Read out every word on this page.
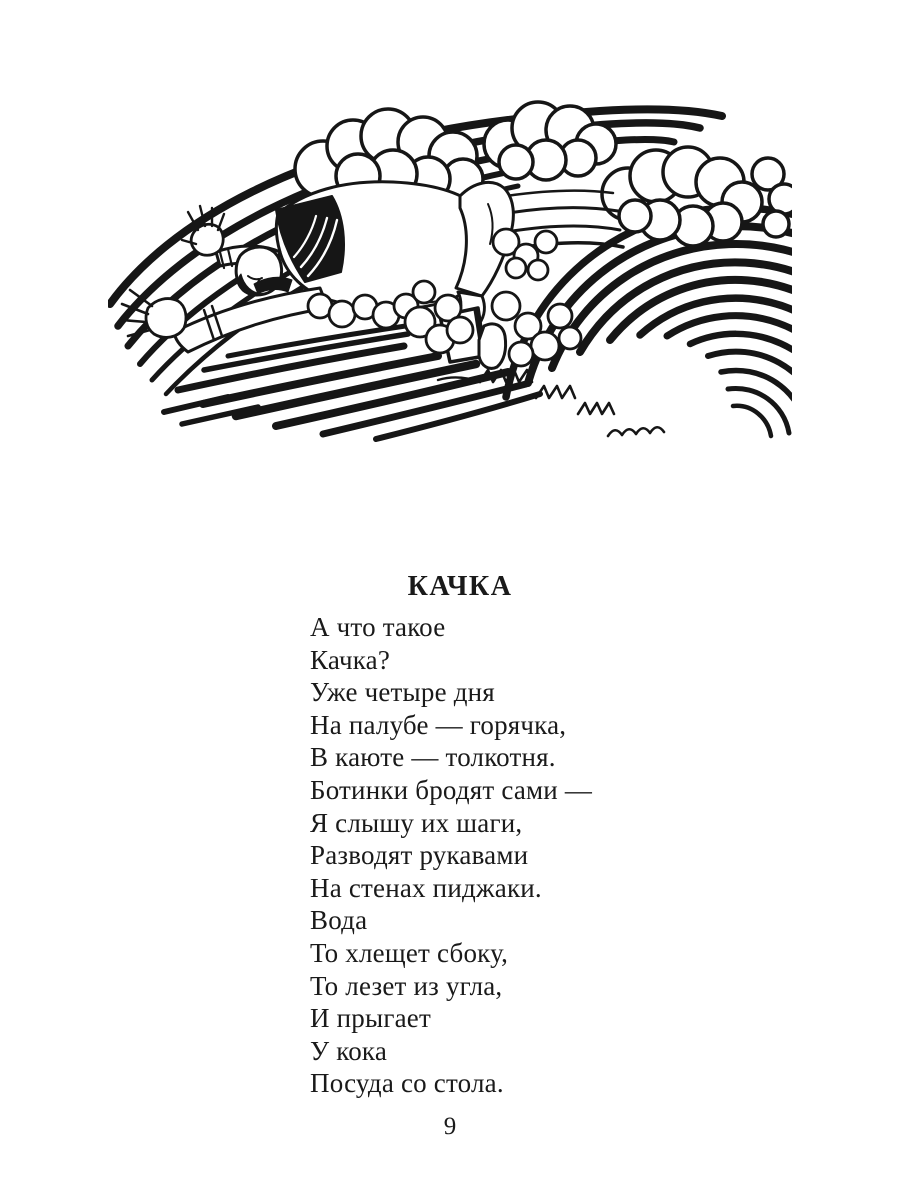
КАЧКА
А что такое
Качка?
Уже четыре дня
На палубе — горячка,
В каюте — толкотня.
Ботинки бродят сами —
Я слышу их шаги,
Разводят рукавами
На стенах пиджаки.
Вода
То хлещет сбоку,
То лезет из угла,
И прыгает
У кока
Посуда со стола.
9
